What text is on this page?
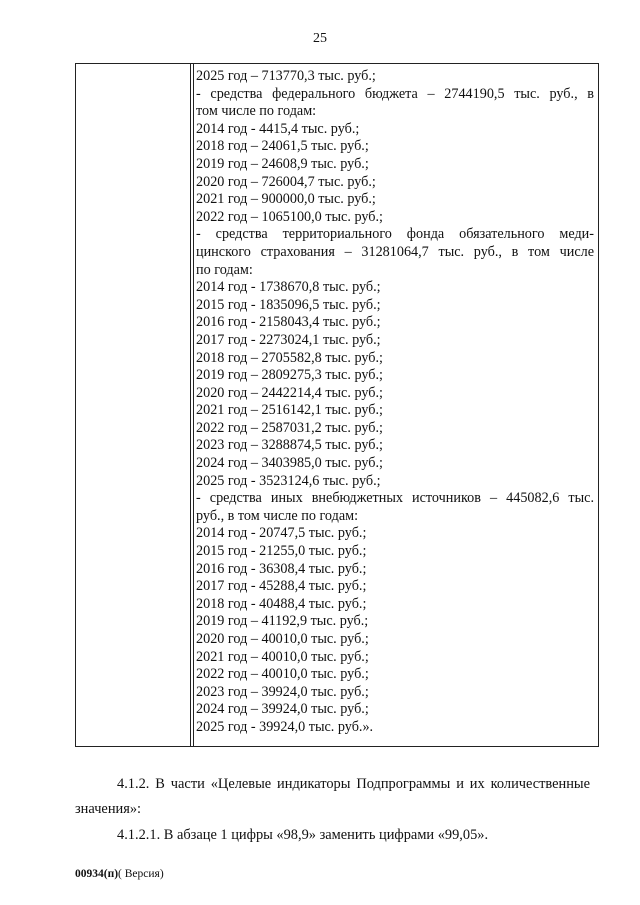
25
2025 год – 713770,3 тыс. руб.;
- средства федерального бюджета – 2744190,5 тыс. руб., в
том числе по годам:
2014 год - 4415,4 тыс. руб.;
2018 год – 24061,5 тыс. руб.;
2019 год – 24608,9 тыс. руб.;
2020 год – 726004,7 тыс. руб.;
2021 год – 900000,0 тыс. руб.;
2022 год – 1065100,0 тыс. руб.;
- средства территориального фонда обязательного меди-
цинского страхования – 31281064,7 тыс. руб., в том числе
по годам:
2014 год - 1738670,8 тыс. руб.;
2015 год - 1835096,5 тыс. руб.;
2016 год - 2158043,4 тыс. руб.;
2017 год - 2273024,1 тыс. руб.;
2018 год – 2705582,8 тыс. руб.;
2019 год – 2809275,3 тыс. руб.;
2020 год – 2442214,4 тыс. руб.;
2021 год – 2516142,1 тыс. руб.;
2022 год – 2587031,2 тыс. руб.;
2023 год – 3288874,5 тыс. руб.;
2024 год – 3403985,0 тыс. руб.;
2025 год - 3523124,6 тыс. руб.;
- средства иных внебюджетных источников – 445082,6 тыс.
руб., в том числе по годам:
2014 год - 20747,5 тыс. руб.;
2015 год - 21255,0 тыс. руб.;
2016 год - 36308,4 тыс. руб.;
2017 год - 45288,4 тыс. руб.;
2018 год - 40488,4 тыс. руб.;
2019 год – 41192,9 тыс. руб.;
2020 год – 40010,0 тыс. руб.;
2021 год – 40010,0 тыс. руб.;
2022 год – 40010,0 тыс. руб.;
2023 год – 39924,0 тыс. руб.;
2024 год – 39924,0 тыс. руб.;
2025 год - 39924,0 тыс. руб.».
4.1.2. В части «Целевые индикаторы Подпрограммы и их количественные значения»:
4.1.2.1. В абзаце 1 цифры «98,9» заменить цифрами «99,05».
00934(п)( Версия)
